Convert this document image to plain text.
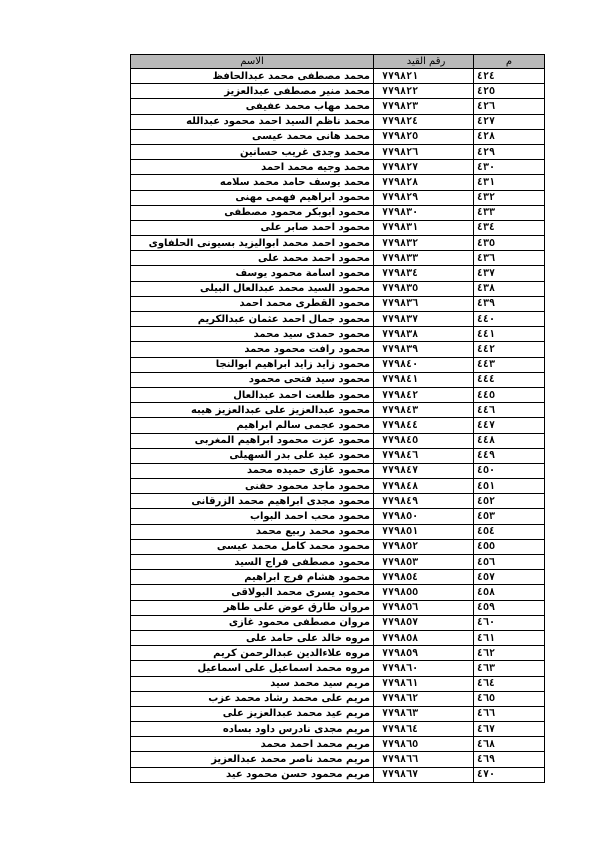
م	رقم القيد	الاسم
٤٢٤	٧٧٩٨٢١	محمد مصطفى محمد عبدالحافظ
٤٢٥	٧٧٩٨٢٢	محمد منير مصطفى عبدالعزيز
٤٢٦	٧٧٩٨٢٣	محمد مهاب محمد عفيفى
٤٢٧	٧٧٩٨٢٤	محمد ناظم السيد احمد محمود عبدالله
٤٢٨	٧٧٩٨٢٥	محمد هانى محمد عيسى
٤٢٩	٧٧٩٨٢٦	محمد وجدى غريب حسانين
٤٣٠	٧٧٩٨٢٧	محمد وجيه محمد احمد
٤٣١	٧٧٩٨٢٨	محمد يوسف حامد محمد سلامه
٤٣٢	٧٧٩٨٢٩	محمود ابراهيم فهمى مهنى
٤٣٣	٧٧٩٨٣٠	محمود ابوبكر محمود مصطفى
٤٣٤	٧٧٩٨٣١	محمود احمد صابر على
٤٣٥	٧٧٩٨٣٢	محمود احمد محمد ابواليزيد بسيونى الحلفاوى
٤٣٦	٧٧٩٨٣٣	محمود احمد محمد على
٤٣٧	٧٧٩٨٣٤	محمود اسامة محمود يوسف
٤٣٨	٧٧٩٨٣٥	محمود السيد محمد عبدالعال البيلى
٤٣٩	٧٧٩٨٣٦	محمود القطرى محمد احمد
٤٤٠	٧٧٩٨٣٧	محمود جمال احمد عثمان عبدالكريم
٤٤١	٧٧٩٨٣٨	محمود حمدى سيد محمد
٤٤٢	٧٧٩٨٣٩	محمود رافت محمود محمد
٤٤٣	٧٧٩٨٤٠	محمود زايد زايد ابراهيم ابوالنجا
٤٤٤	٧٧٩٨٤١	محمود سيد فتحى محمود
٤٤٥	٧٧٩٨٤٢	محمود طلعت احمد عبدالعال
٤٤٦	٧٧٩٨٤٣	محمود عبدالعزيز على عبدالعزيز هيبه
٤٤٧	٧٧٩٨٤٤	محمود عجمى سالم ابراهيم
٤٤٨	٧٧٩٨٤٥	محمود عزت محمود ابراهيم المغربى
٤٤٩	٧٧٩٨٤٦	محمود عيد على بدر السهيلى
٤٥٠	٧٧٩٨٤٧	محمود غازى حميده محمد
٤٥١	٧٧٩٨٤٨	محمود ماجد محمود حفنى
٤٥٢	٧٧٩٨٤٩	محمود مجدى ابراهيم محمد الزرقانى
٤٥٣	٧٧٩٨٥٠	محمود محب احمد البواب
٤٥٤	٧٧٩٨٥١	محمود محمد ربيع محمد
٤٥٥	٧٧٩٨٥٢	محمود محمد كامل محمد عيسى
٤٥٦	٧٧٩٨٥٣	محمود مصطفى فراج السيد
٤٥٧	٧٧٩٨٥٤	محمود هشام فرج ابراهيم
٤٥٨	٧٧٩٨٥٥	محمود يسرى محمد البولاقى
٤٥٩	٧٧٩٨٥٦	مروان طارق عوض على طاهر
٤٦٠	٧٧٩٨٥٧	مروان مصطفى محمود غازى
٤٦١	٧٧٩٨٥٨	مروه خالد على حامد على
٤٦٢	٧٧٩٨٥٩	مروه علاءالدين عبدالرحمن كريم
٤٦٣	٧٧٩٨٦٠	مروه محمد اسماعيل على اسماعيل
٤٦٤	٧٧٩٨٦١	مريم سيد محمد سيد
٤٦٥	٧٧٩٨٦٢	مريم على محمد رشاد محمد عزب
٤٦٦	٧٧٩٨٦٣	مريم عيد محمد عبدالعزيز على
٤٦٧	٧٧٩٨٦٤	مريم مجدى نادرس داود بساده
٤٦٨	٧٧٩٨٦٥	مريم محمد احمد محمد
٤٦٩	٧٧٩٨٦٦	مريم محمد ناصر محمد عبدالعزيز
٤٧٠	٧٧٩٨٦٧	مريم محمود حسن محمود عيد
